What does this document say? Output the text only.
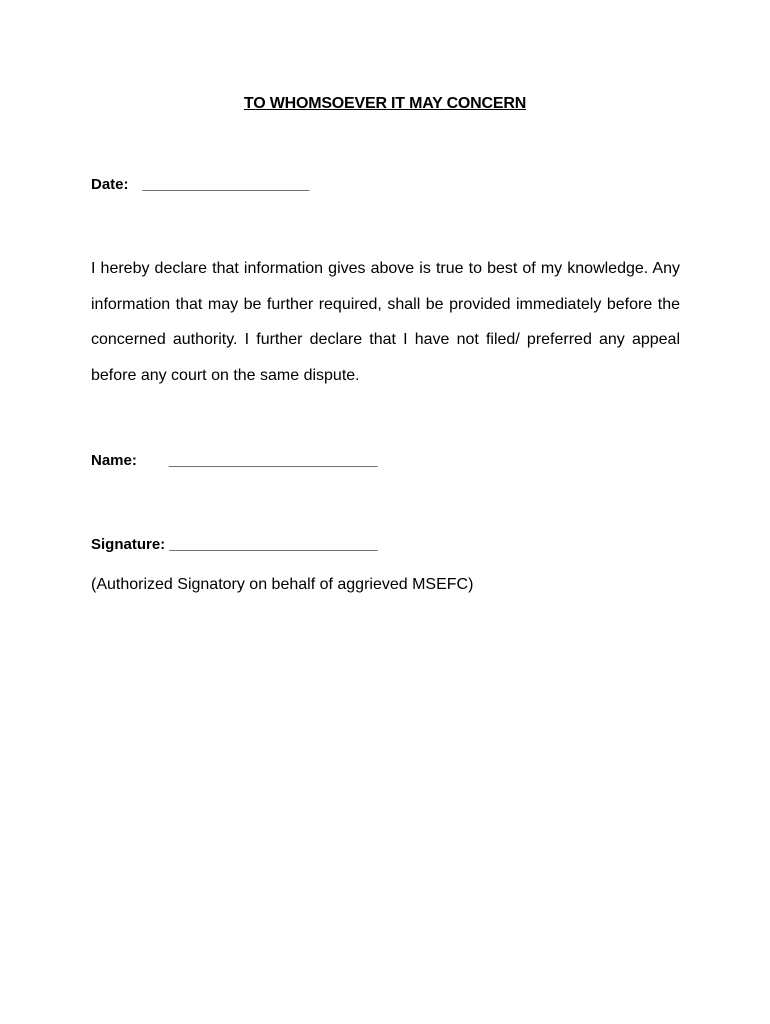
TO WHOMSOEVER IT MAY CONCERN
Date: ____________________

I hereby declare that information gives above is true to best of my knowledge. Any information that may be further required, shall be provided immediately before the concerned authority. I further declare that I have not filed/ preferred any appeal before any court on the same dispute.

Name: _________________________
Signature: _________________________
(Authorized Signatory on behalf of aggrieved MSEFC)
